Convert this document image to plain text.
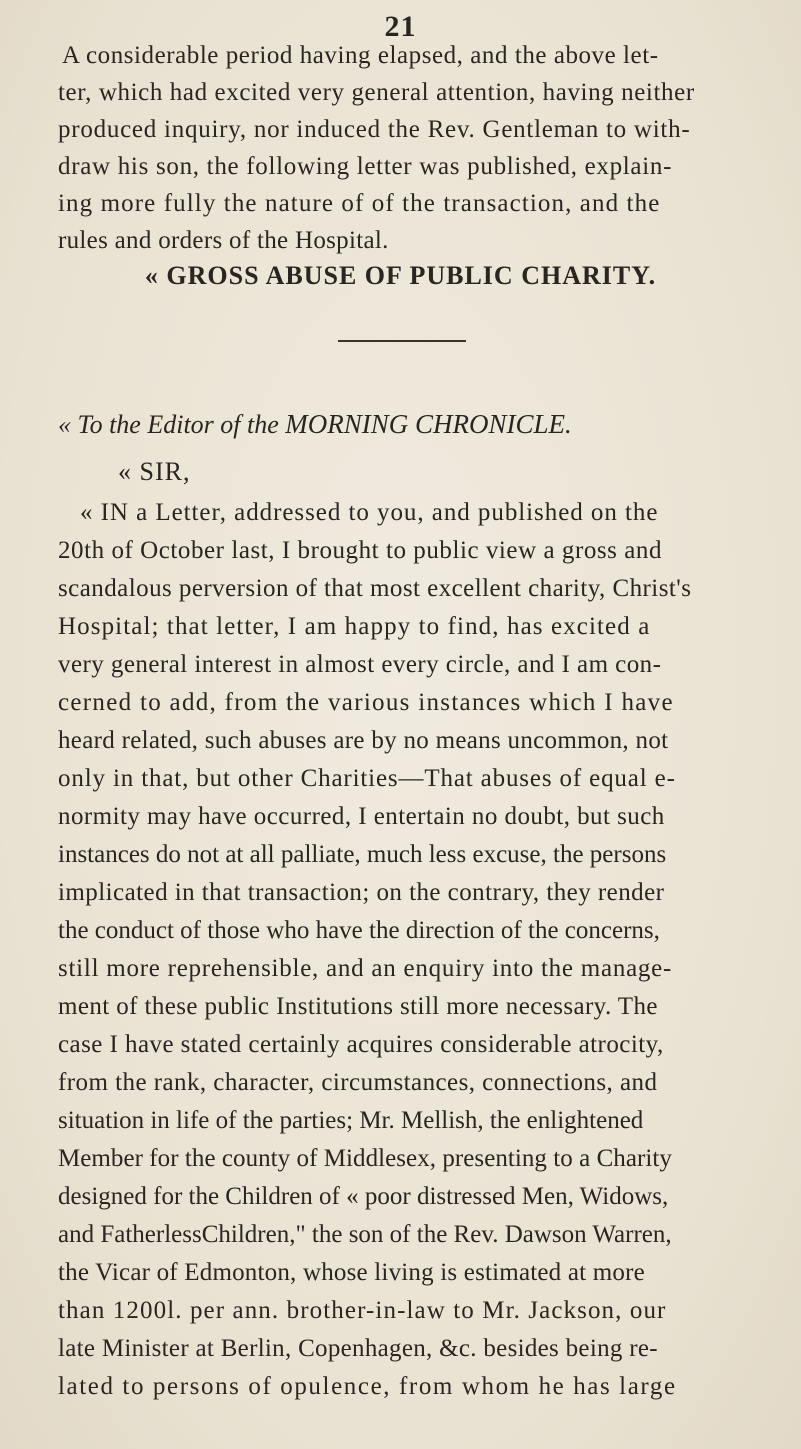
21
A considerable period having elapsed, and the above let-
ter, which had excited very general attention, having neither
produced inquiry, nor induced the Rev. Gentleman to with-
draw his son, the following letter was published, explain-
ing more fully the nature of of the transaction, and the
rules and orders of the Hospital.
« GROSS ABUSE OF PUBLIC CHARITY.
« To the Editor of the MORNING CHRONICLE.
« SIR,
« IN a Letter, addressed to you, and published on the
20th of October last, I brought to public view a gross and
scandalous perversion of that most excellent charity, Christ's
Hospital; that letter, I am happy to find, has excited a
very general interest in almost every circle, and I am con-
cerned to add, from the various instances which I have
heard related, such abuses are by no means uncommon, not
only in that, but other Charities—That abuses of equal e-
normity may have occurred, I entertain no doubt, but such
instances do not at all palliate, much less excuse, the persons
implicated in that transaction; on the contrary, they render
the conduct of those who have the direction of the concerns,
still more reprehensible, and an enquiry into the manage-
ment of these public Institutions still more necessary. The
case I have stated certainly acquires considerable atrocity,
from the rank, character, circumstances, connections, and
situation in life of the parties; Mr. Mellish, the enlightened
Member for the county of Middlesex, presenting to a Charity
designed for the Children of « poor distressed Men, Widows,
and FatherlessChildren," the son of the Rev. Dawson Warren,
the Vicar of Edmonton, whose living is estimated at more
than 1200l. per ann. brother-in-law to Mr. Jackson, our
late Minister at Berlin, Copenhagen, &c. besides being re-
lated to persons of opulence, from whom he has large
